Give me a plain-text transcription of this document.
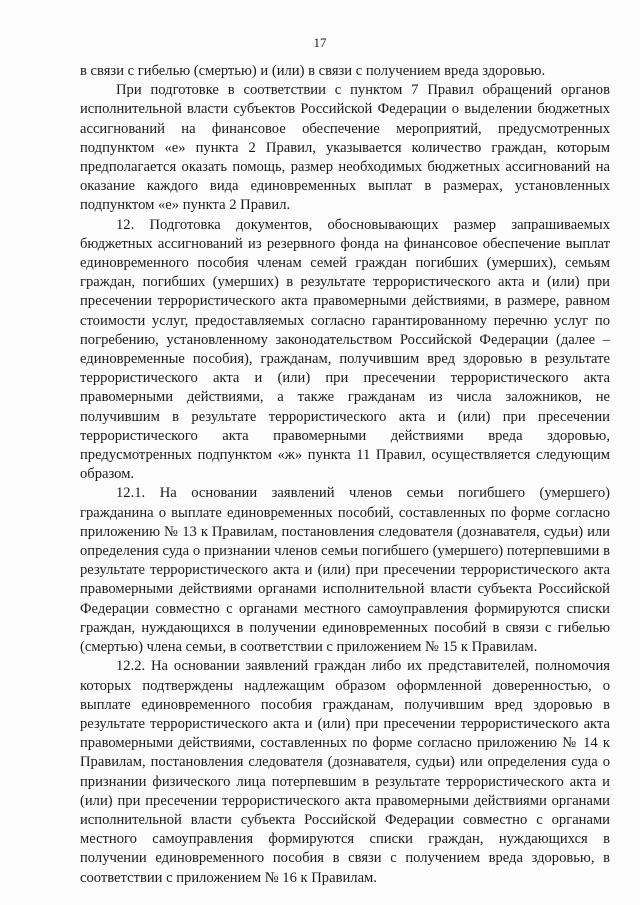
17

в связи с гибелью (смертью) и (или) в связи с получением вреда здоровью.

При подготовке в соответствии с пунктом 7 Правил обращений органов исполнительной власти субъектов Российской Федерации о выделении бюджетных ассигнований на финансовое обеспечение мероприятий, предусмотренных подпунктом «е» пункта 2 Правил, указывается количество граждан, которым предполагается оказать помощь, размер необходимых бюджетных ассигнований на оказание каждого вида единовременных выплат в размерах, установленных подпунктом «е» пункта 2 Правил.

12. Подготовка документов, обосновывающих размер запрашиваемых бюджетных ассигнований из резервного фонда на финансовое обеспечение выплат единовременного пособия членам семей граждан погибших (умерших), семьям граждан, погибших (умерших) в результате террористического акта и (или) при пресечении террористического акта правомерными действиями, в размере, равном стоимости услуг, предоставляемых согласно гарантированному перечню услуг по погребению, установленному законодательством Российской Федерации (далее – единовременные пособия), гражданам, получившим вред здоровью в результате террористического акта и (или) при пресечении террористического акта правомерными действиями, а также гражданам из числа заложников, не получившим в результате террористического акта и (или) при пресечении террористического акта правомерными действиями вреда здоровью, предусмотренных подпунктом «ж» пункта 11 Правил, осуществляется следующим образом.

12.1. На основании заявлений членов семьи погибшего (умершего) гражданина о выплате единовременных пособий, составленных по форме согласно приложению № 13 к Правилам, постановления следователя (дознавателя, судьи) или определения суда о признании членов семьи погибшего (умершего) потерпевшими в результате террористического акта и (или) при пресечении террористического акта правомерными действиями органами исполнительной власти субъекта Российской Федерации совместно с органами местного самоуправления формируются списки граждан, нуждающихся в получении единовременных пособий в связи с гибелью (смертью) члена семьи, в соответствии с приложением № 15 к Правилам.

12.2. На основании заявлений граждан либо их представителей, полномочия которых подтверждены надлежащим образом оформленной доверенностью, о выплате единовременного пособия гражданам, получившим вред здоровью в результате террористического акта и (или) при пресечении террористического акта правомерными действиями, составленных по форме согласно приложению № 14 к Правилам, постановления следователя (дознавателя, судьи) или определения суда о признании физического лица потерпевшим в результате террористического акта и (или) при пресечении террористического акта правомерными действиями органами исполнительной власти субъекта Российской Федерации совместно с органами местного самоуправления формируются списки граждан, нуждающихся в получении единовременного пособия в связи с получением вреда здоровью, в соответствии с приложением № 16 к Правилам.
